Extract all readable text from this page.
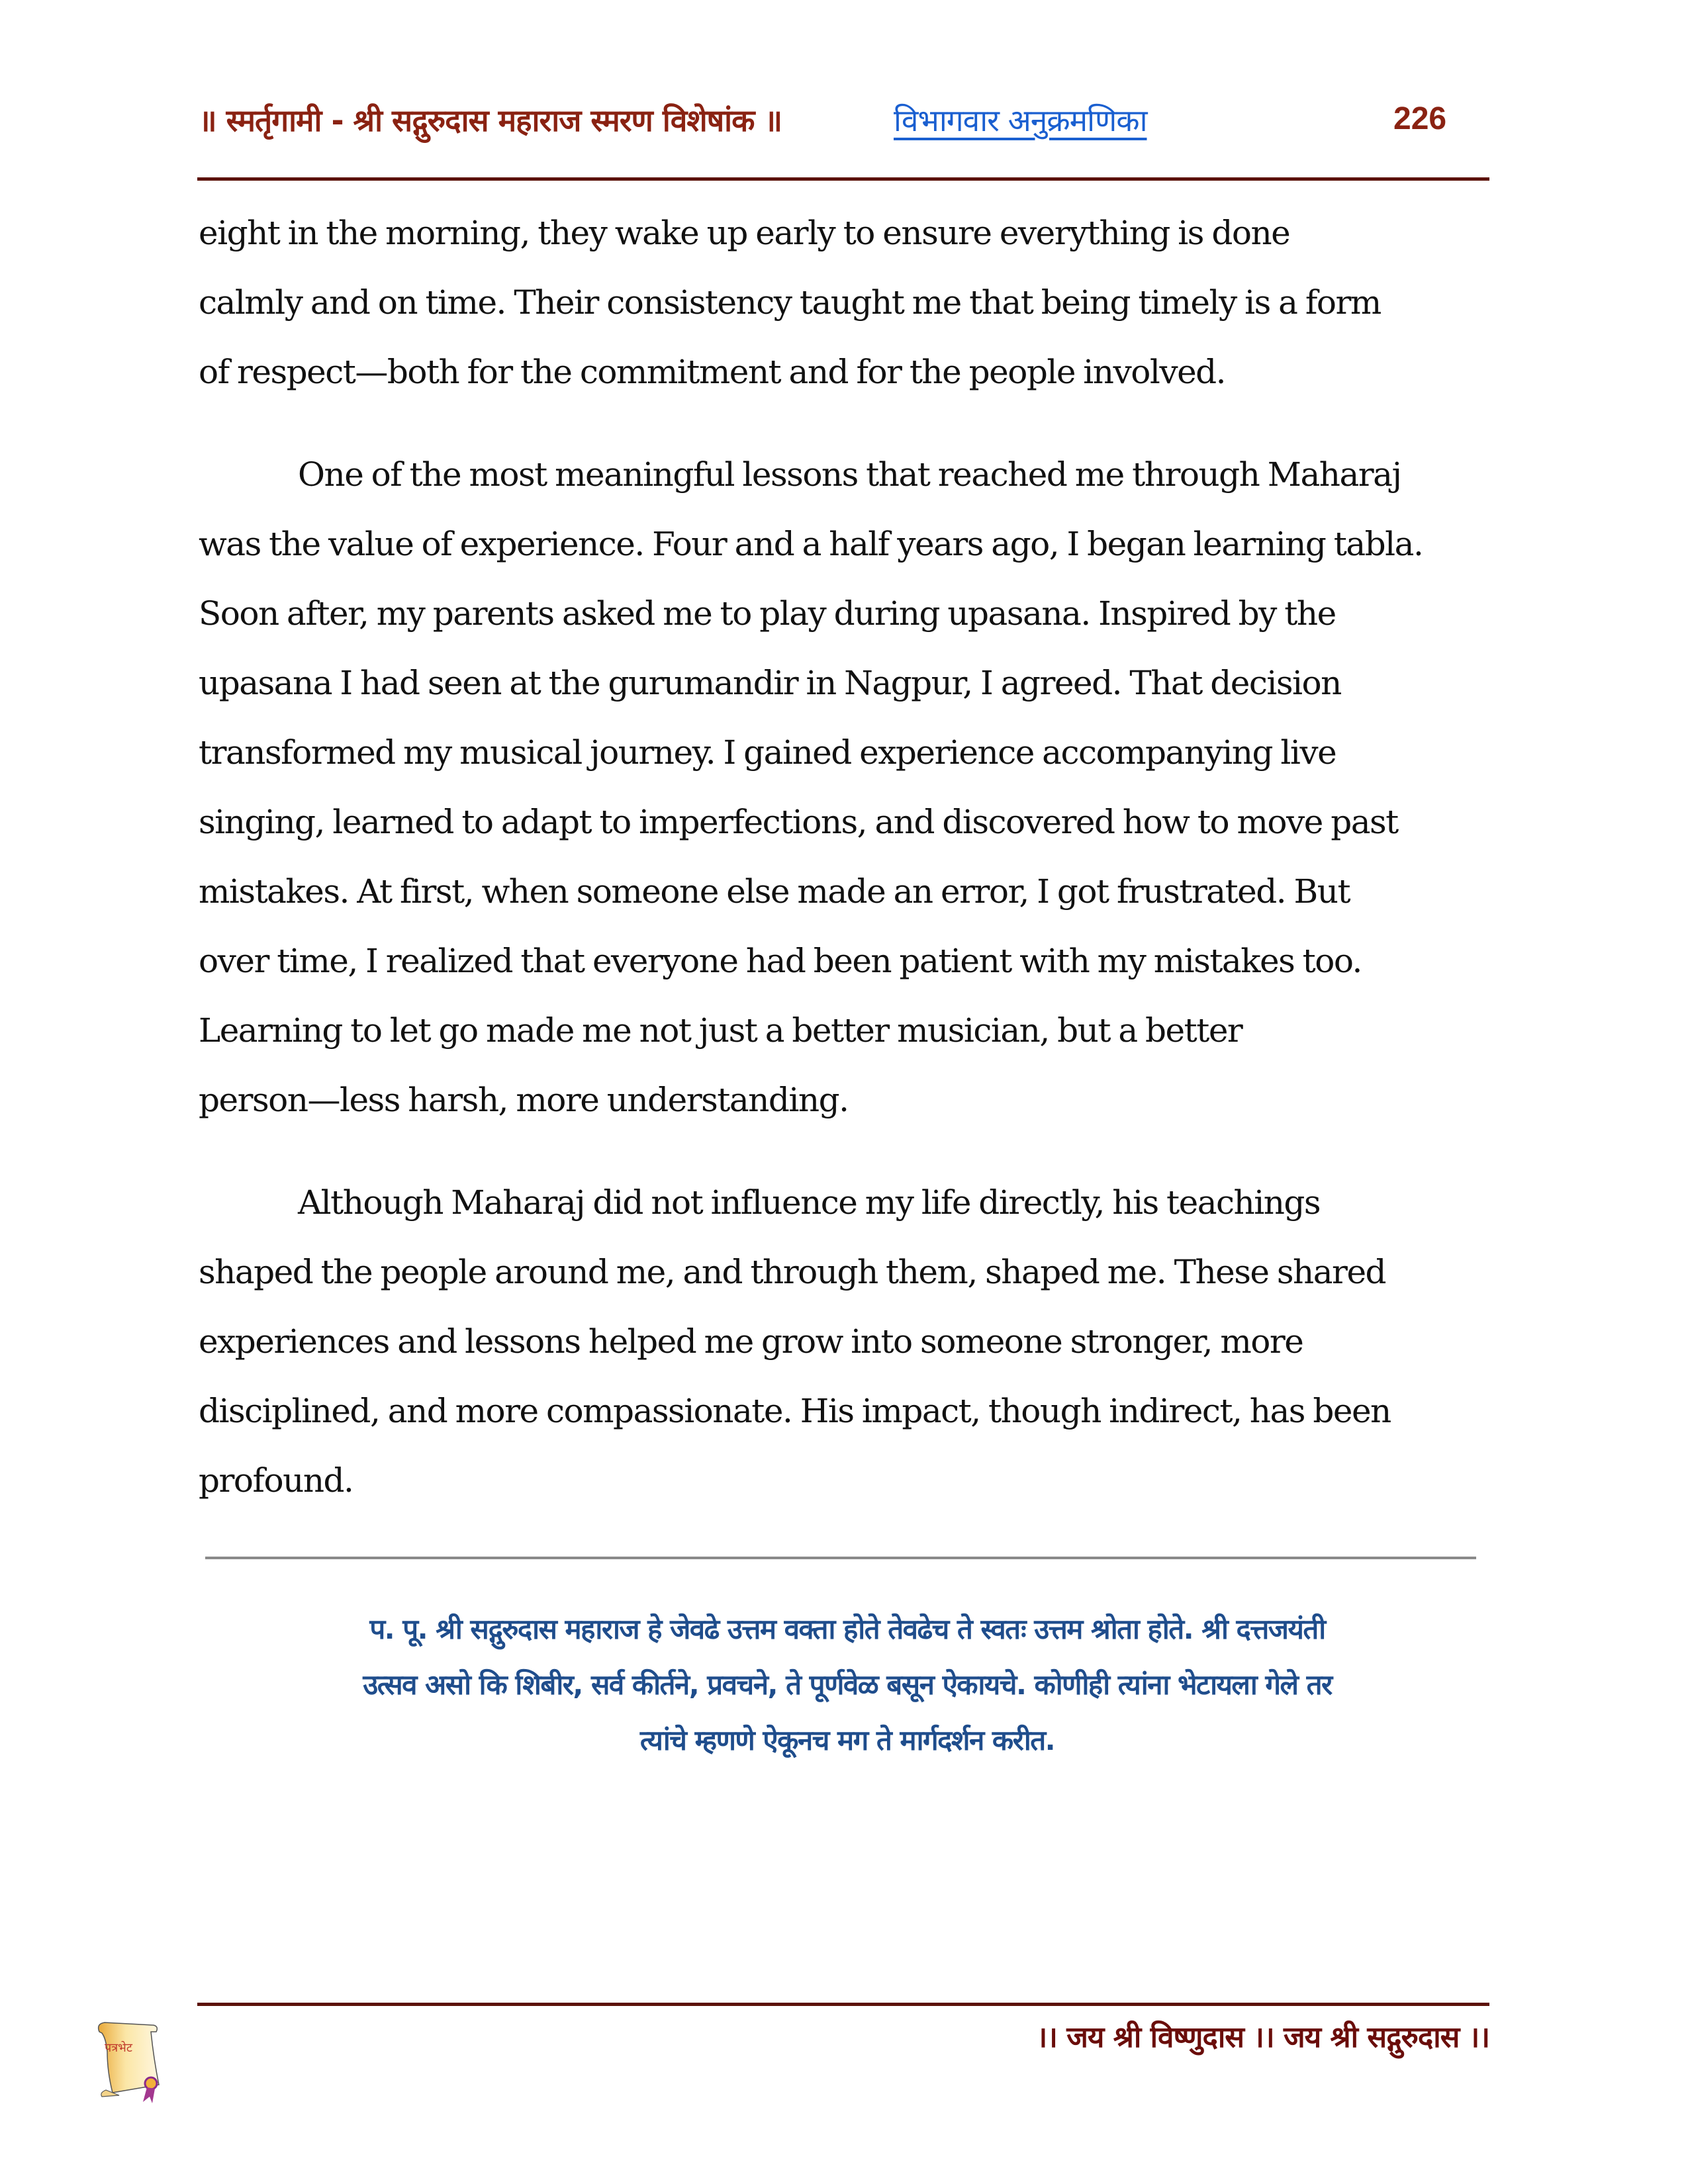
॥ स्मर्तृगामी - श्री सद्गुरुदास महाराज स्मरण विशेषांक ॥	विभागवार अनुक्रमणिका	226
eight in the morning, they wake up early to ensure everything is done
calmly and on time. Their consistency taught me that being timely is a form
of respect—both for the commitment and for the people involved.
One of the most meaningful lessons that reached me through Maharaj
was the value of experience. Four and a half years ago, I began learning tabla.
Soon after, my parents asked me to play during upasana. Inspired by the
upasana I had seen at the gurumandir in Nagpur, I agreed. That decision
transformed my musical journey. I gained experience accompanying live
singing, learned to adapt to imperfections, and discovered how to move past
mistakes. At first, when someone else made an error, I got frustrated. But
over time, I realized that everyone had been patient with my mistakes too.
Learning to let go made me not just a better musician, but a better
person—less harsh, more understanding.
Although Maharaj did not influence my life directly, his teachings
shaped the people around me, and through them, shaped me. These shared
experiences and lessons helped me grow into someone stronger, more
disciplined, and more compassionate. His impact, though indirect, has been
profound.
प. पू. श्री सद्गुरुदास महाराज हे जेवढे उत्तम वक्ता होते तेवढेच ते स्वतः उत्तम श्रोता होते. श्री दत्तजयंती
उत्सव असो कि शिबीर, सर्व कीर्तने, प्रवचने, ते पूर्णवेळ बसून ऐकायचे. कोणीही त्यांना भेटायला गेले तर
त्यांचे म्हणणे ऐकूनच मग ते मार्गदर्शन करीत.
पत्रभेट	।। जय श्री विष्णुदास ।। जय श्री सद्गुरुदास ।।
